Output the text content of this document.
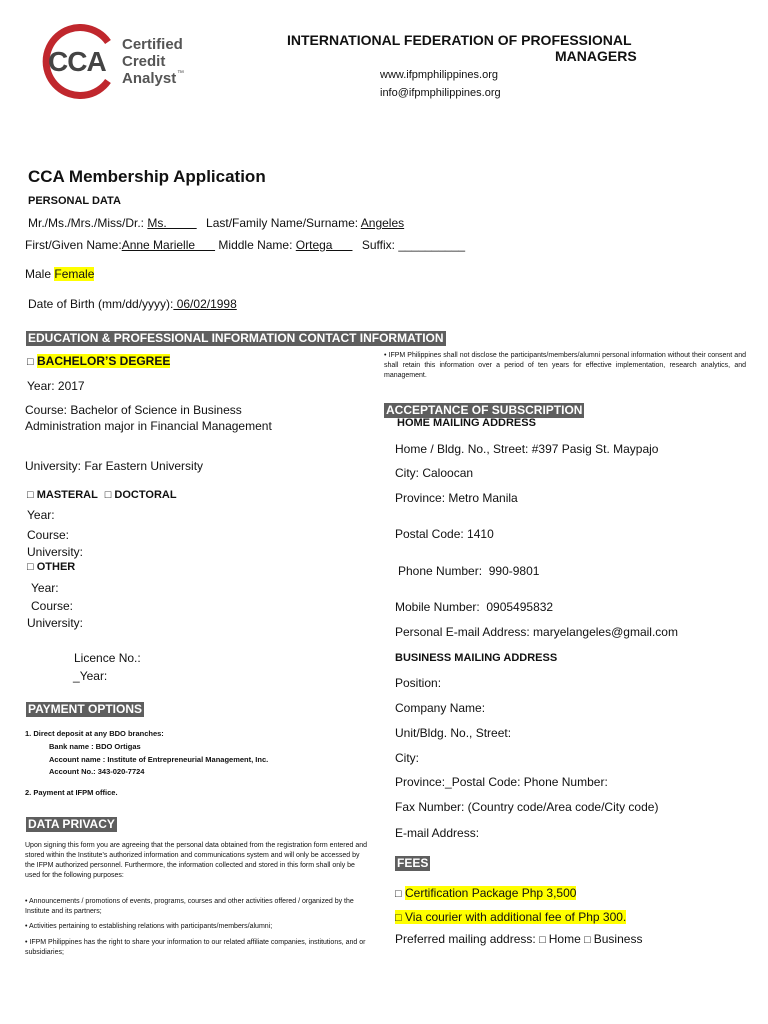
CCA
Certified
Credit
Analyst ™
INTERNATIONAL FEDERATION OF PROFESSIONAL
MANAGERS
www.ifpmphilippines.org
info@ifpmphilippines.org
CCA Membership Application
PERSONAL DATA
Mr./Ms./Mrs./Miss/Dr.: Ms.          Last/Family Name/Surname: Angeles
First/Given Name:Anne Marielle       Middle Name: Ortega       Suffix: __________
Male Female
Date of Birth (mm/dd/yyyy): 06/02/1998
EDUCATION & PROFESSIONAL INFORMATION CONTACT INFORMATION
□ BACHELOR’S DEGREE
Year: 2017
Course: Bachelor of Science in Business
Administration major in Financial Management
University: Far Eastern University
□ MASTERAL □ DOCTORAL
Year:
Course:
University:
□ OTHER
Year:
Course:
University:
Licence No.:
_Year:
PAYMENT OPTIONS
1. Direct deposit at any BDO branches:
Bank name : BDO Ortigas
Account name : Institute of Entrepreneurial Management, Inc.
Account No.: 343-020-7724
2. Payment at IFPM office.
DATA PRIVACY
Upon signing this form you are agreeing that the personal data obtained from the registration form entered and stored within the Institute’s authorized information and communications system and will only be accessed by the IFPM authorized personnel. Furthermore, the information collected and stored in this form shall only be used for the following purposes:
• Announcements / promotions of events, programs, courses and other activities offered / organized by the Institute and its partners;
• Activities pertaining to establishing relations with participants/members/alumni;
• IFPM Philippines has the right to share your information to our related affiliate companies, institutions, and or subsidiaries;
• IFPM Philippines shall not disclose the participants/members/alumni personal information without their consent and shall retain this information over a period of ten years for effective implementation, research analytics, and management.
ACCEPTANCE OF SUBSCRIPTION
HOME MAILING ADDRESS
Home / Bldg. No., Street: #397 Pasig St. Maypajo
City: Caloocan
Province: Metro Manila
Postal Code: 1410
Phone Number:  990-9801
Mobile Number:  0905495832
Personal E-mail Address: maryelangeles@gmail.com
BUSINESS MAILING ADDRESS
Position:
Company Name:
Unit/Bldg. No., Street:
City:
Province:_Postal Code: Phone Number:
Fax Number: (Country code/Area code/City code)
E-mail Address:
FEES
□ Certification Package Php 3,500
□ Via courier with additional fee of Php 300.
Preferred mailing address: □ Home □ Business
